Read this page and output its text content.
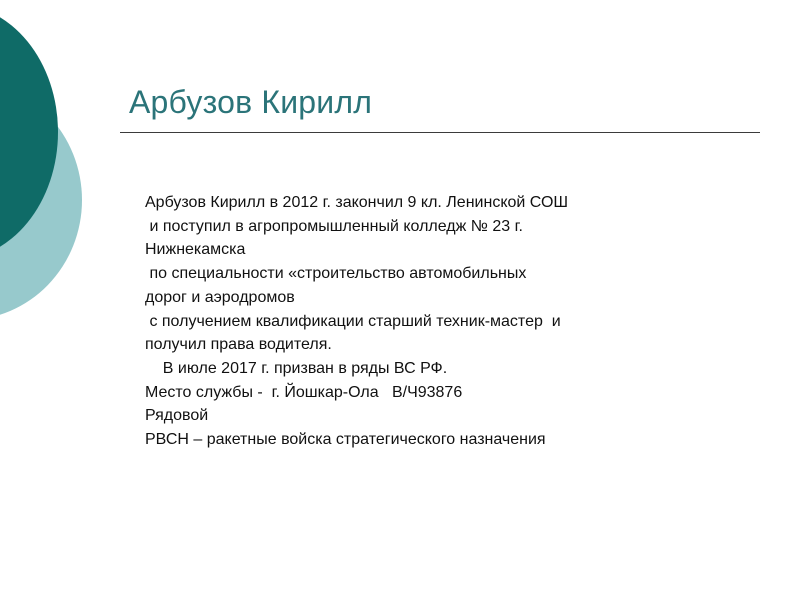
Арбузов Кирилл
Арбузов Кирилл в 2012 г. закончил 9 кл. Ленинской СОШ
и поступил в агропромышленный колледж № 23 г.
Нижнекамска
по специальности «строительство автомобильных
дорог и аэродромов
с получением квалификации старший техник-мастер  и
получил права водителя.
В июле 2017 г. призван в ряды ВС РФ.
Место службы -  г. Йошкар-Ола   В/Ч93876
Рядовой
РВСН – ракетные войска стратегического назначения
